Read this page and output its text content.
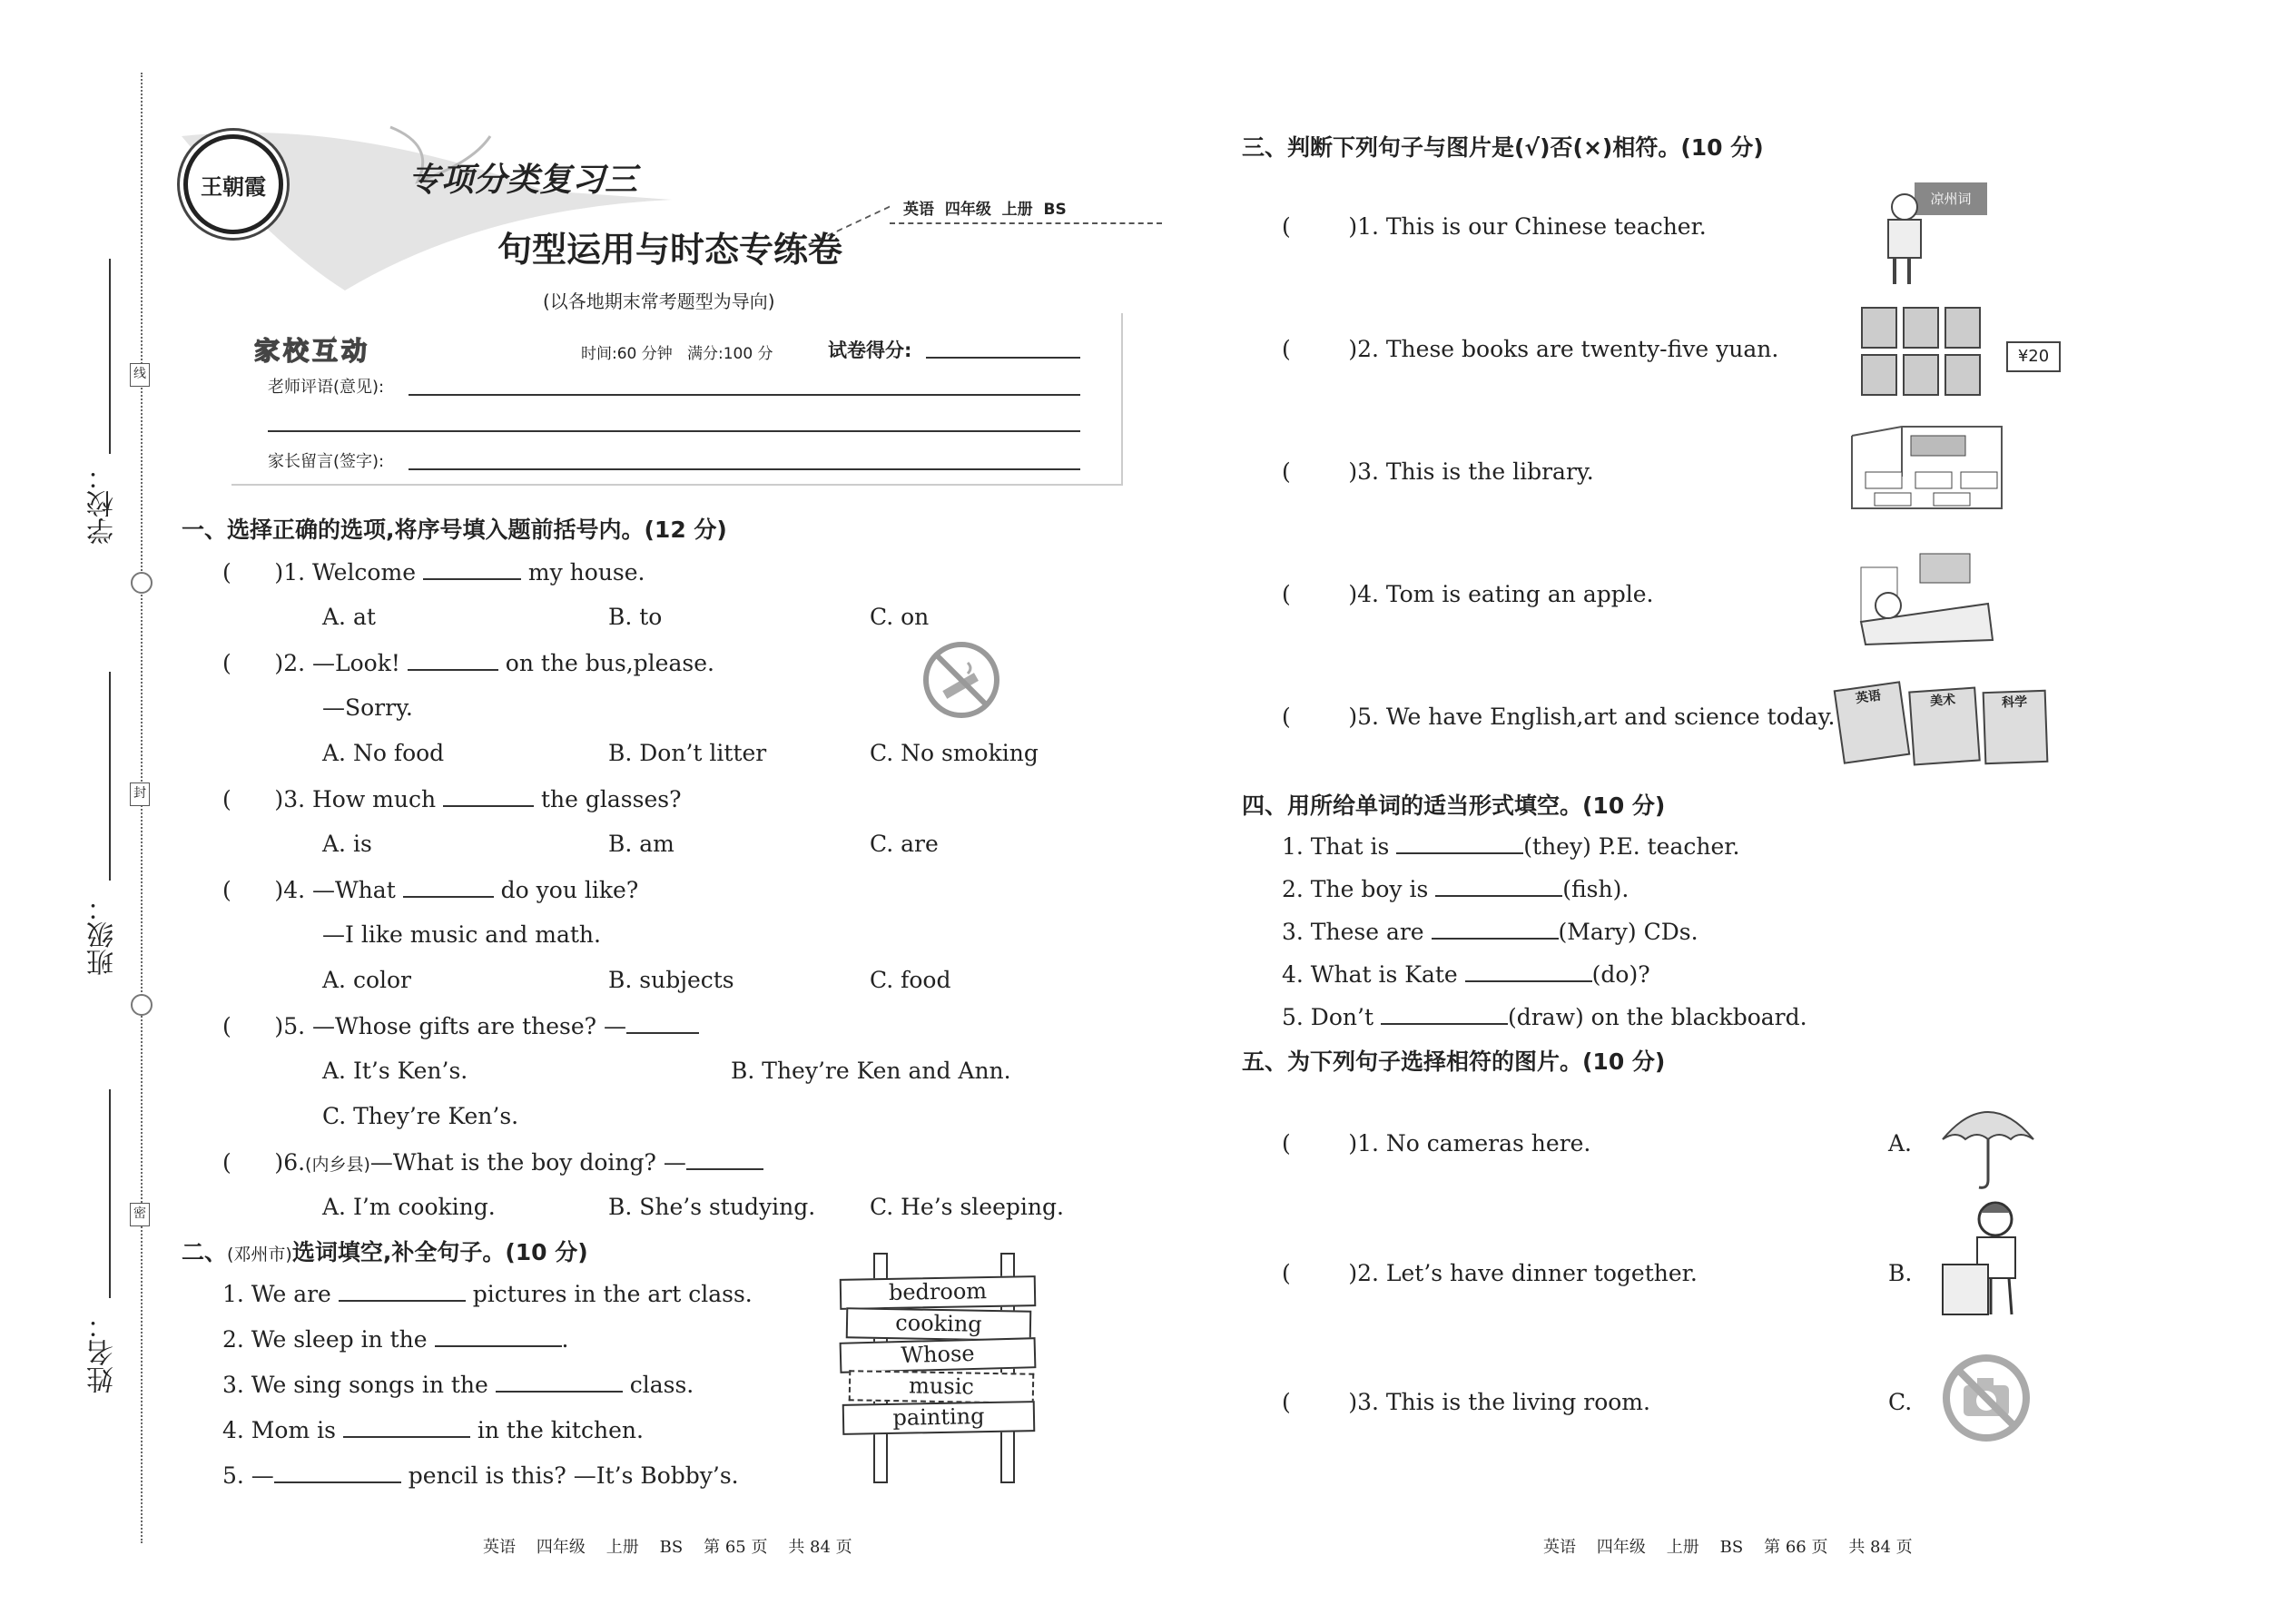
线
封
密
学校：
班级：
姓名：
王朝霞	专项分类复习三
英语  四年级  上册  BS
句型运用与时态专练卷
(以各地期末常考题型为导向)
家校互动	时间:60 分钟   满分:100 分	试卷得分:
老师评语(意见):
家长留言(签字):
一、选择正确的选项,将序号填入题前括号内。(12 分)
(      )1. Welcome	my house.
A. at	B. to	C. on
(      )2. —Look!	on the bus,please.
—Sorry.
A. No food	B. Don’t litter	C. No smoking
(      )3. How much	the glasses?
A. is	B. am	C. are
(      )4. —What	do you like?
—I like music and math.
A. color	B. subjects	C. food
(      )5. —Whose gifts are these? —
A. It’s Ken’s.	B. They’re Ken and Ann.
C. They’re Ken’s.
(      )6.(内乡县)—What is the boy doing? —
A. I’m cooking.	B. She’s studying. C. He’s sleeping.
二、(邓州市)选词填空,补全句子。(10 分)
1. We are	pictures in the art class.
2. We sleep in the	.
3. We sing songs in the	class.
4. Mom is	in the kitchen.
5. —	pencil is this? —It’s Bobby’s.
bedroom
cooking
Whose
music
painting
三、判断下列句子与图片是(√)否(×)相符。(10 分)
(        )1. This is our Chinese teacher.
(        )2. These books are twenty-five yuan.
(        )3. This is the library.
(        )4. Tom is eating an apple.
(        )5. We have English,art and science today.
凉州词
¥20
英语	美术	科学
四、用所给单词的适当形式填空。(10 分)
1. That is	(they) P.E. teacher.
2. The boy is	(fish).
3. These are	(Mary) CDs.
4. What is Kate	(do)?
5. Don’t	(draw) on the blackboard.
五、为下列句子选择相符的图片。(10 分)
(        )1. No cameras here.
(        )2. Let’s have dinner together.
(        )3. This is the living room.
A.
B.
C.
英语    四年级    上册    BS    第 65 页    共 84 页	英语    四年级    上册    BS    第 66 页    共 84 页
